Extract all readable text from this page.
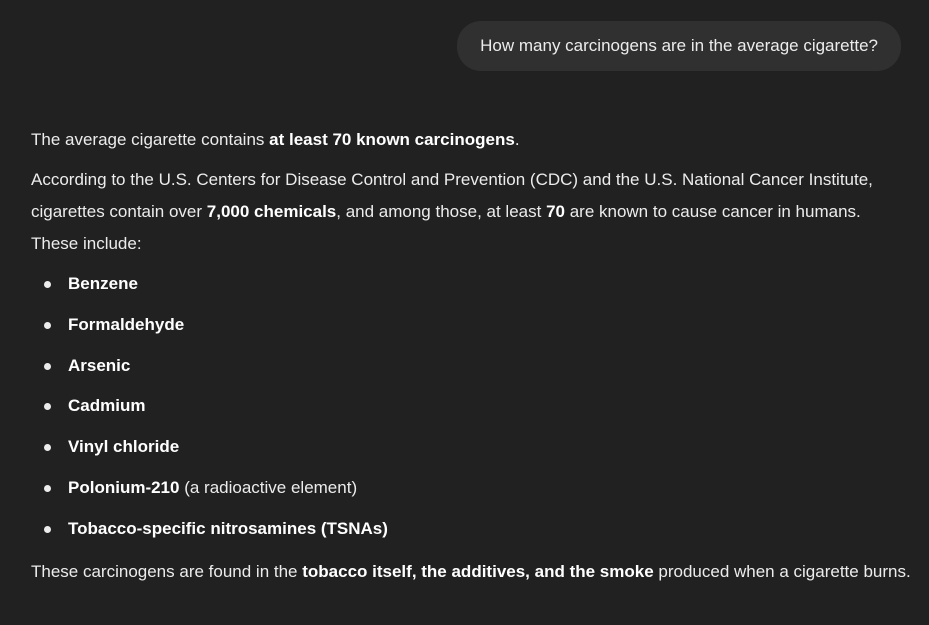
How many carcinogens are in the average cigarette?

The average cigarette contains at least 70 known carcinogens.

According to the U.S. Centers for Disease Control and Prevention (CDC) and the U.S. National Cancer Institute, cigarettes contain over 7,000 chemicals, and among those, at least 70 are known to cause cancer in humans. These include:

Benzene
Formaldehyde
Arsenic
Cadmium
Vinyl chloride
Polonium-210 (a radioactive element)
Tobacco-specific nitrosamines (TSNAs)

These carcinogens are found in the tobacco itself, the additives, and the smoke produced when a cigarette burns.
